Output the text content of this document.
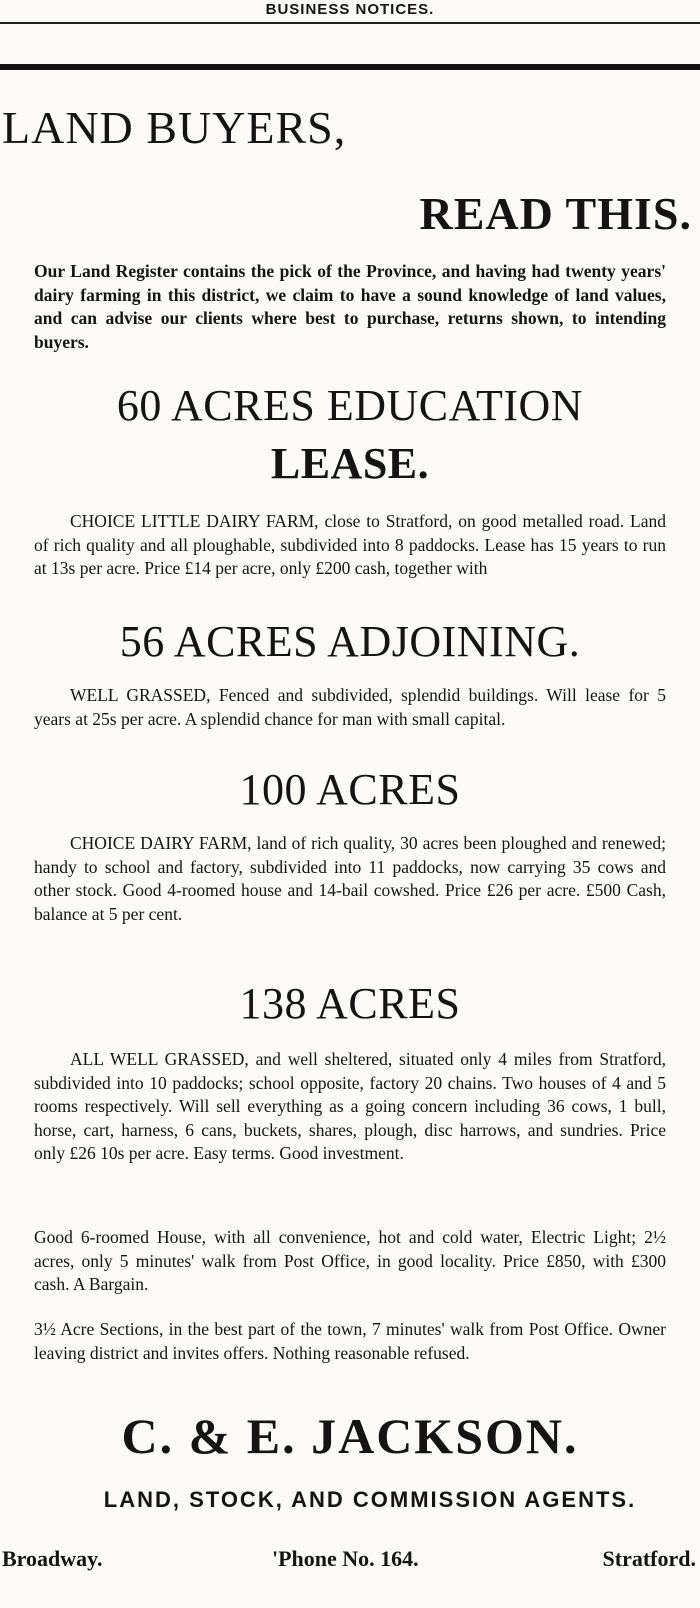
BUSINESS NOTICES.
LAND BUYERS,
READ THIS.

Our Land Register contains the pick of the Province, and having had twenty years' dairy farming in this district, we claim to have a sound knowledge of land values, and can advise our clients where best to purchase, returns shown, to intending buyers.

60 ACRES EDUCATION
LEASE.

CHOICE LITTLE DAIRY FARM, close to Stratford, on good metalled road. Land of rich quality and all ploughable, subdivided into 8 paddocks. Lease has 15 years to run at 13s per acre. Price £14 per acre, only £200 cash, together with

56 ACRES ADJOINING.

WELL GRASSED, Fenced and subdivided, splendid buildings. Will lease for 5 years at 25s per acre. A splendid chance for man with small capital.

100 ACRES

CHOICE DAIRY FARM, land of rich quality, 30 acres been ploughed and renewed; handy to school and factory, subdivided into 11 paddocks, now carrying 35 cows and other stock. Good 4-roomed house and 14-bail cowshed. Price £26 per acre. £500 Cash, balance at 5 per cent.

138 ACRES

ALL WELL GRASSED, and well sheltered, situated only 4 miles from Stratford, subdivided into 10 paddocks; school opposite, factory 20 chains. Two houses of 4 and 5 rooms respectively. Will sell everything as a going concern including 36 cows, 1 bull, horse, cart, harness, 6 cans, buckets, shares, plough, disc harrows, and sundries. Price only £26 10s per acre. Easy terms. Good investment.

Good 6-roomed House, with all convenience, hot and cold water, Electric Light; 2½ acres, only 5 minutes' walk from Post Office, in good locality. Price £850, with £300 cash. A Bargain.

3½ Acre Sections, in the best part of the town, 7 minutes' walk from Post Office. Owner leaving district and invites offers. Nothing reasonable refused.

C. & E. JACKSON.
LAND, STOCK, AND COMMISSION AGENTS.
Broadway.	'Phone No. 164.	Stratford.
